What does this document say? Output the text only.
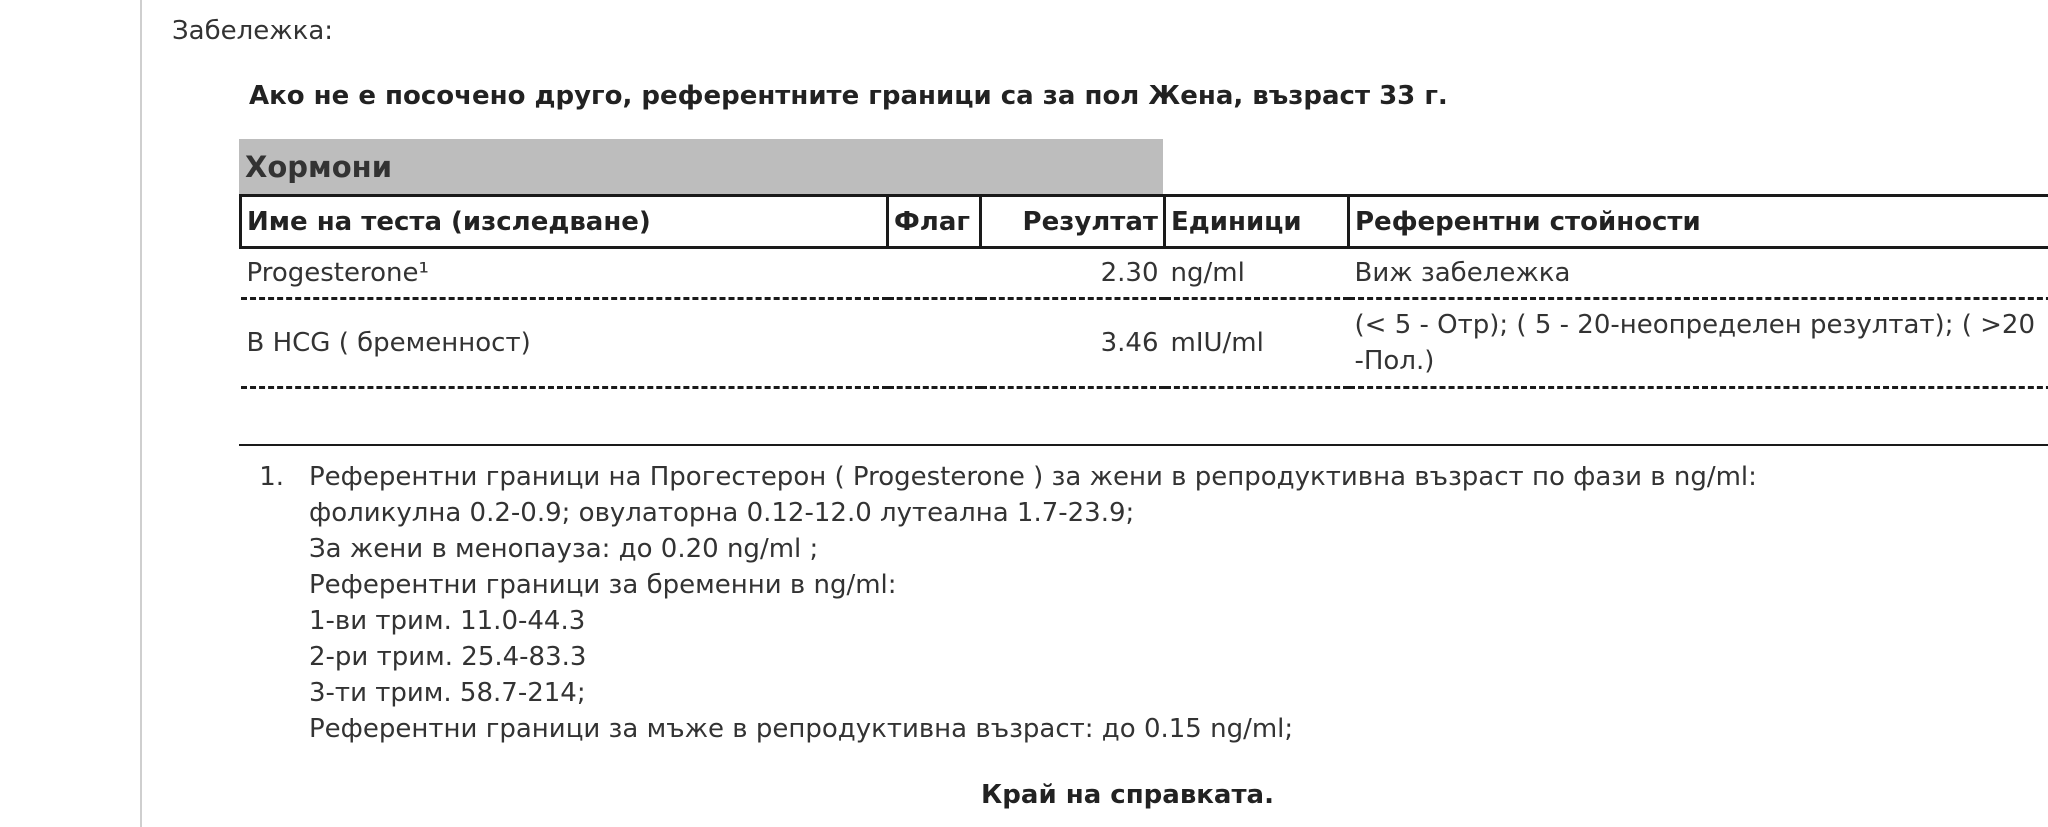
Забележка:
Ако не е посочено друго, референтните граници са за пол Жена, възраст 33 г.
Хормони
Име на теста (изследване)	Флаг	Резултат	Единици	Референтни стойности
Progesterone¹		2.30	ng/ml	Виж забележка
B HCG ( бременност)		3.46	mIU/ml	(< 5 - Отр); ( 5 - 20-неопределен резултат); ( >20 -Пол.)
1. Референтни граници на Прогестерон ( Progesterone ) за жени в репродуктивна възраст по фази в ng/ml:
фоликулна 0.2-0.9; овулаторна 0.12-12.0 лутеална 1.7-23.9;
За жени в менопауза: до 0.20 ng/ml ;
Референтни граници за бременни в ng/ml:
1-ви трим. 11.0-44.3
2-ри трим. 25.4-83.3
3-ти трим. 58.7-214;
Референтни граници за мъже в репродуктивна възраст: до 0.15 ng/ml;
Край на справката.
